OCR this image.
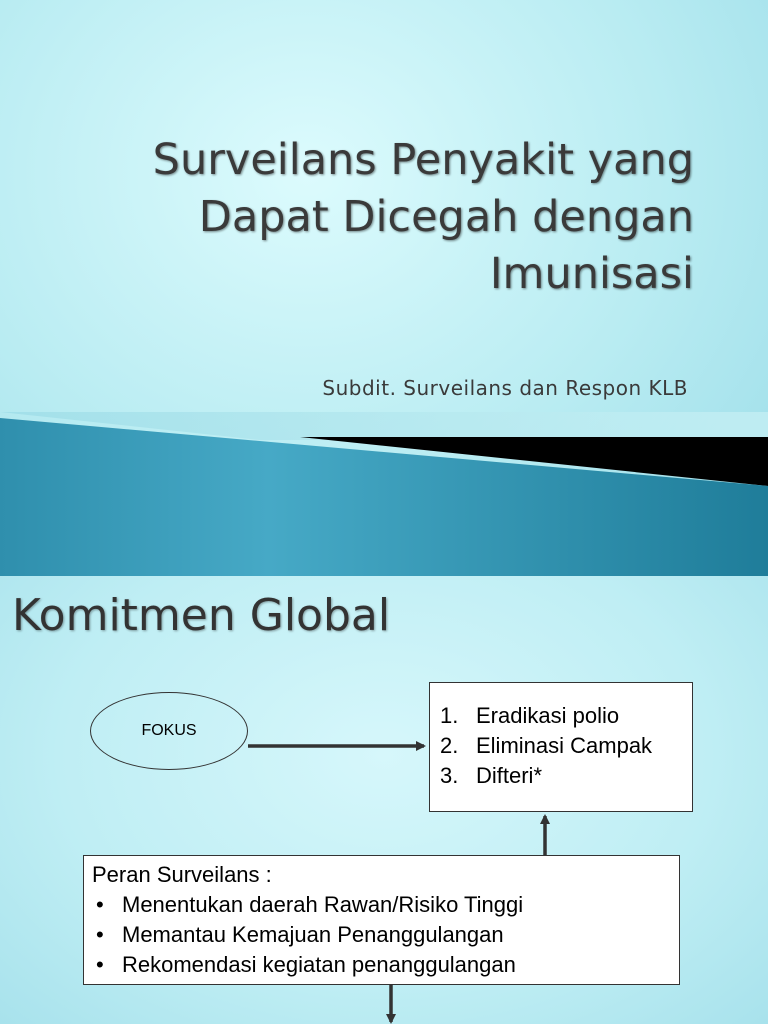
Surveilans Penyakit yang
Dapat Dicegah dengan
Imunisasi
Subdit. Surveilans dan Respon KLB
Komitmen Global
FOKUS
1. Eradikasi polio
2. Eliminasi Campak
3. Difteri*
Peran Surveilans :
• Menentukan daerah Rawan/Risiko Tinggi
• Memantau Kemajuan Penanggulangan
• Rekomendasi kegiatan penanggulangan
